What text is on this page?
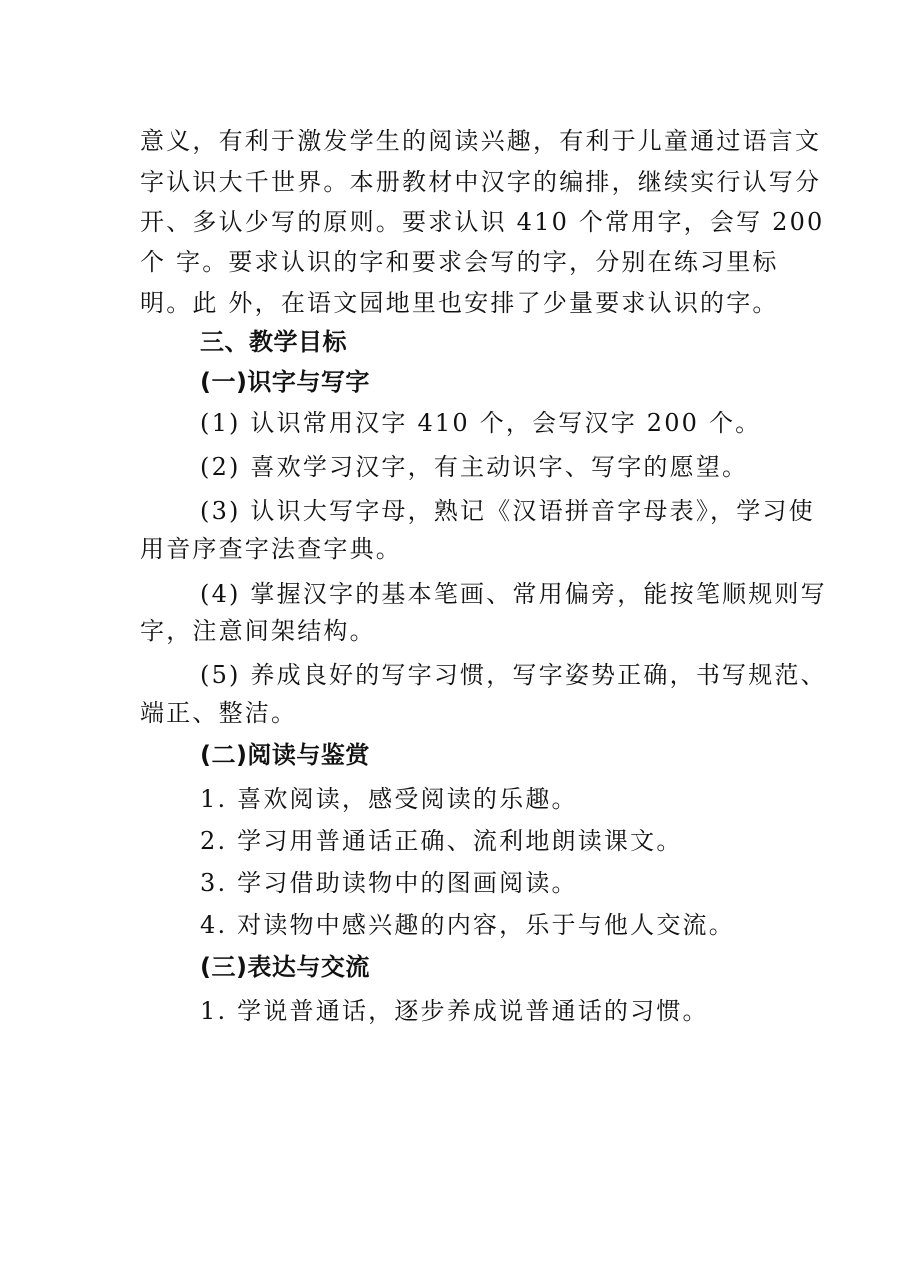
意义，有利于激发学生的阅读兴趣，有利于儿童通过语言文
字认识大千世界。本册教材中汉字的编排，继续实行认写分
开、多认少写的原则。要求认识 410 个常用字，会写 200
个 字。要求认识的字和要求会写的字，分别在练习里标
明。此 外，在语文园地里也安排了少量要求认识的字。
三、教学目标
(一)识字与写字
(1) 认识常用汉字 410 个，会写汉字 200 个。
(2) 喜欢学习汉字，有主动识字、写字的愿望。
(3) 认识大写字母，熟记《汉语拼音字母表》，学习使
用音序查字法查字典。
(4) 掌握汉字的基本笔画、常用偏旁，能按笔顺规则写
字，注意间架结构。
(5) 养成良好的写字习惯，写字姿势正确，书写规范、
端正、整洁。
(二)阅读与鉴赏
1. 喜欢阅读，感受阅读的乐趣。
2. 学习用普通话正确、流利地朗读课文。
3. 学习借助读物中的图画阅读。
4. 对读物中感兴趣的内容，乐于与他人交流。
(三)表达与交流
1. 学说普通话，逐步养成说普通话的习惯。
